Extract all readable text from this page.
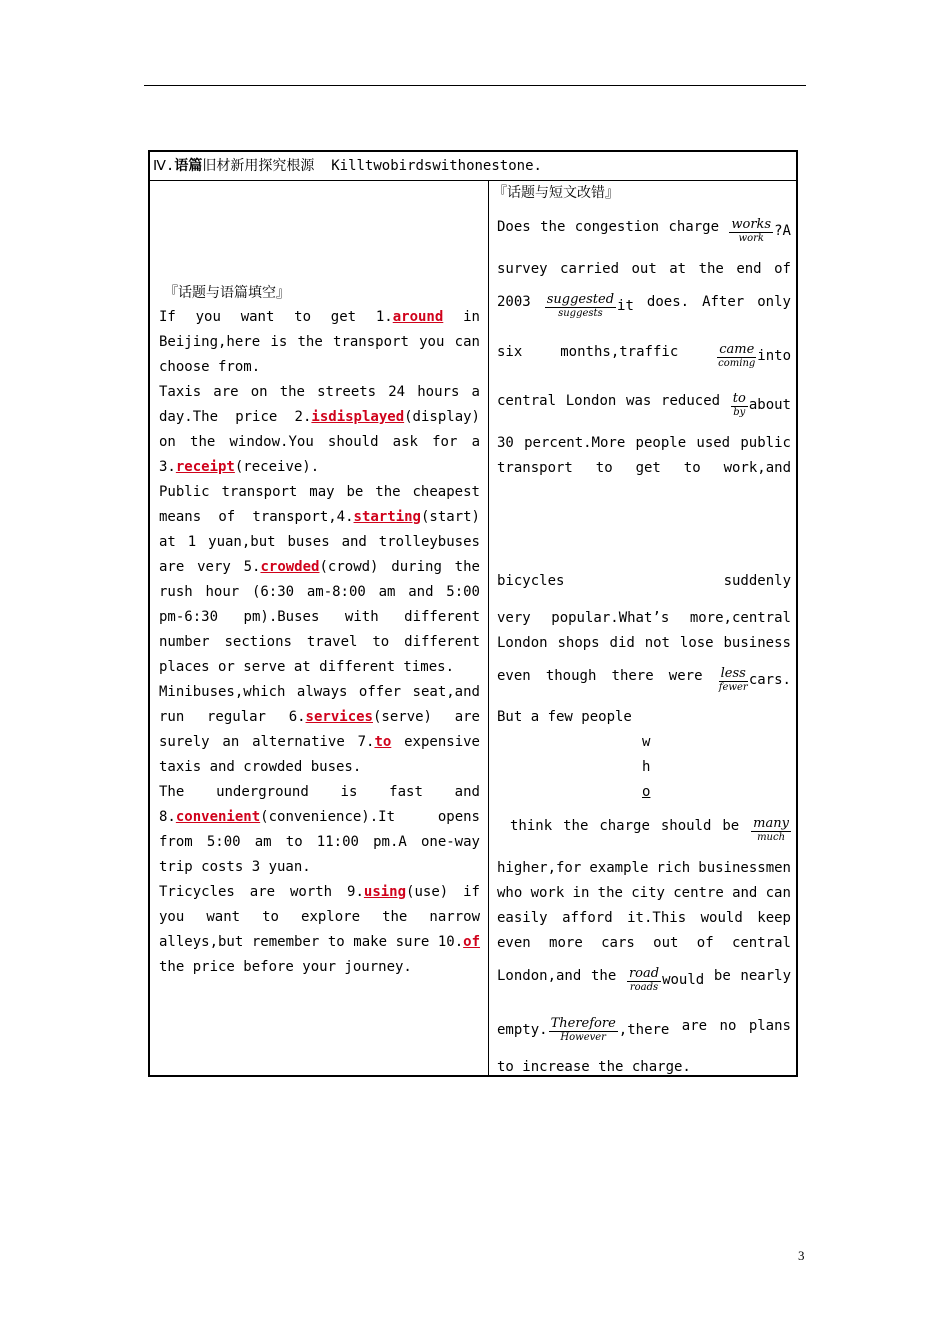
Ⅳ.语篇旧材新用探究根源 Killtwobirdswithonestone.
『话题与语篇填空』
If you want to get 1.around in
Beijing,here is the transport you can
choose from.
Taxis are on the streets 24 hours a
day.The price 2.isdisplayed(display)
on the window.You should ask for a
3.receipt(receive).
Public transport may be the cheapest
means of transport,4.starting(start)
at 1 yuan,but buses and trolleybuses
are very 5.crowded(crowd) during the
rush hour (6:30 am-8:00 am and 5:00
pm-6:30 pm).Buses with different
number sections travel to different
places or serve at different times.
Minibuses,which always offer seat,and
run regular 6.services(serve) are
surely an alternative 7.to expensive
taxis and crowded buses.
The underground is fast and
8.convenient(convenience).It	opens
from 5:00 am to 11:00 pm.A one-way
trip costs 3 yuan.
Tricycles are worth 9.using(use) if
you want to explore the narrow
alleys,but remember to make sure 10.of
the price before your journey.
『话题与短文改错』
Does the congestion charge $\frac{\text{works}}{\text{work}}$ ?A
survey carried out at the end of
$2003 \frac{\text{suggested}}{\text{suggests}}$ it does. After only
six	months,traffic	$\frac{\text{came}}{coming}$ into
central London was reduced $\frac{to}{by}$ about
30 percent.More people used public
transport to get to work,and
bicycles	suddenly
very popular.What’s more,central
London shops did not lose business
even though there were $\frac{\text{less}}{\text{fewer}}$ cars.
But a few people
think the charge should be $\frac{\text{many}}{\text{much}}$
higher,for example rich businessmen
who work in the city centre and can
easily afford it.This would keep
even more cars out of central
London,and the $\frac{\text{road}}{\text{roads}}$ would be nearly
empty. $\frac{\text{Therefore}}{\text{However}}$ ,there are no plans
to increase the charge.
w
h
o
3
